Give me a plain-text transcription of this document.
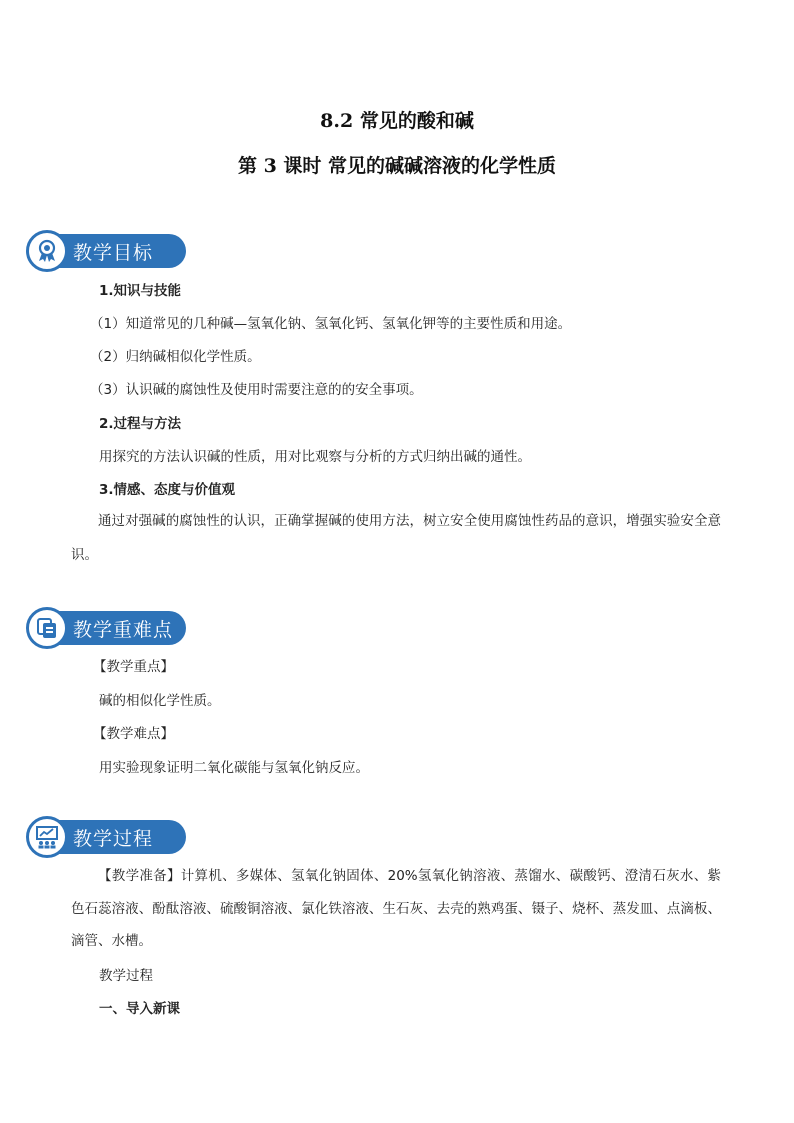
8.2 常见的酸和碱
第 3 课时 常见的碱碱溶液的化学性质
教学目标
1.知识与技能
（1）知道常见的几种碱—氢氧化钠、氢氧化钙、氢氧化钾等的主要性质和用途。
（2）归纳碱相似化学性质。
（3）认识碱的腐蚀性及使用时需要注意的的安全事项。
2.过程与方法
用探究的方法认识碱的性质，用对比观察与分析的方式归纳出碱的通性。
3.情感、态度与价值观
通过对强碱的腐蚀性的认识，正确掌握碱的使用方法，树立安全使用腐蚀性药品的意识，增强实验安全意识。
教学重难点
【教学重点】
碱的相似化学性质。
【教学难点】
用实验现象证明二氧化碳能与氢氧化钠反应。
教学过程
【教学准备】计算机、多媒体、氢氧化钠固体、20%氢氧化钠溶液、蒸馏水、碳酸钙、澄清石灰水、紫色石蕊溶液、酚酞溶液、硫酸铜溶液、氯化铁溶液、生石灰、去壳的熟鸡蛋、镊子、烧杯、蒸发皿、点滴板、滴管、水槽。
教学过程
一、导入新课
